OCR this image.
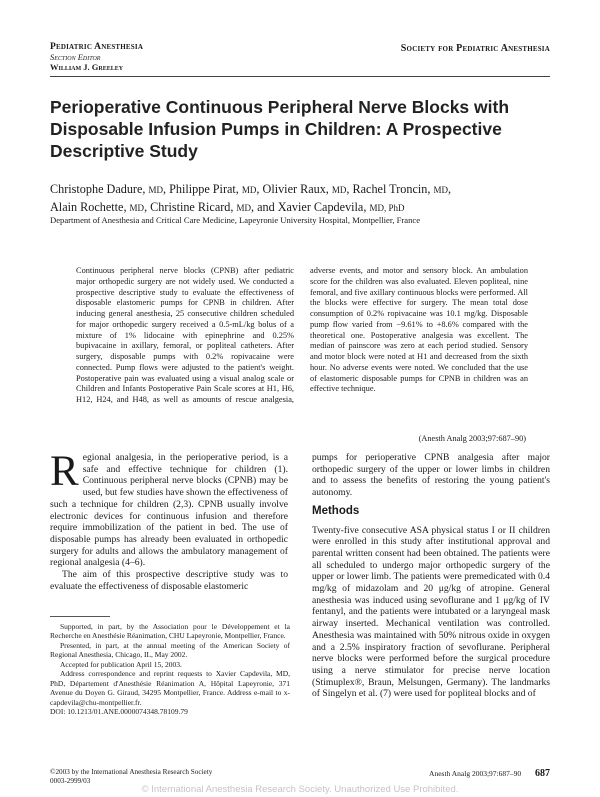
Pediatric Anesthesia
Section Editor
William J. Greeley
Society for Pediatric Anesthesia
Perioperative Continuous Peripheral Nerve Blocks with Disposable Infusion Pumps in Children: A Prospective Descriptive Study
Christophe Dadure, MD, Philippe Pirat, MD, Olivier Raux, MD, Rachel Troncin, MD,
Alain Rochette, MD, Christine Ricard, MD, and Xavier Capdevila, MD, PhD
Department of Anesthesia and Critical Care Medicine, Lapeyronie University Hospital, Montpellier, France

Continuous peripheral nerve blocks (CPNB) after pediatric major orthopedic surgery are not widely used. We conducted a prospective descriptive study to evaluate the effectiveness of disposable elastomeric pumps for CPNB in children. After inducing general anesthesia, 25 consecutive children scheduled for major orthopedic surgery received a 0.5-mL/kg bolus of a mixture of 1% lidocaine with epinephrine and 0.25% bupivacaine in axillary, femoral, or popliteal catheters. After surgery, disposable pumps with 0.2% ropivacaine were connected. Pump flows were adjusted to the patient's weight. Postoperative pain was evaluated using a visual analog scale or Children and Infants Postoperative Pain Scale scores at H1, H6, H12, H24, and H48, as well as amounts of rescue analgesia, adverse events, and motor and sensory block. An ambulation score for the children was also evaluated. Eleven popliteal, nine femoral, and five axillary continuous blocks were performed. All the blocks were effective for surgery. The mean total dose consumption of 0.2% ropivacaine was 10.1 mg/kg. Disposable pump flow varied from −9.61% to +8.6% compared with the theoretical one. Postoperative analgesia was excellent. The median of painscore was zero at each period studied. Sensory and motor block were noted at H1 and decreased from the sixth hour. No adverse events were noted. We concluded that the use of elastomeric disposable pumps for CPNB in children was an effective technique.

(Anesth Analg 2003;97:687–90)

Regional analgesia, in the perioperative period, is a safe and effective technique for children (1). Continuous peripheral nerve blocks (CPNB) may be used, but few studies have shown the effectiveness of such a technique for children (2,3). CPNB usually involve electronic devices for continuous infusion and therefore require immobilization of the patient in bed. The use of disposable pumps has already been evaluated in orthopedic surgery for adults and allows the ambulatory management of regional analgesia (4–6).

The aim of this prospective descriptive study was to evaluate the effectiveness of disposable elastomeric

Supported, in part, by the Association pour le Développement et la Recherche en Anesthésie Réanimation, CHU Lapeyronie, Montpellier, France.

Presented, in part, at the annual meeting of the American Society of Regional Anesthesia, Chicago, IL, May 2002.

Accepted for publication April 15, 2003.

Address correspondence and reprint requests to Xavier Capdevila, MD, PhD, Département d'Anesthésie Réanimation A, Hôpital Lapeyronie, 371 Avenue du Doyen G. Giraud, 34295 Montpellier, France. Address e-mail to x-capdevila@chu-montpellier.fr.

DOI: 10.1213/01.ANE.0000074348.78109.79

pumps for perioperative CPNB analgesia after major orthopedic surgery of the upper or lower limbs in children and to assess the benefits of restoring the young patient's autonomy.

Methods

Twenty-five consecutive ASA physical status I or II children were enrolled in this study after institutional approval and parental written consent had been obtained. The patients were all scheduled to undergo major orthopedic surgery of the upper or lower limb. The patients were premedicated with 0.4 mg/kg of midazolam and 20 μg/kg of atropine. General anesthesia was induced using sevoflurane and 1 μg/kg of IV fentanyl, and the patients were intubated or a laryngeal mask airway inserted. Mechanical ventilation was controlled. Anesthesia was maintained with 50% nitrous oxide in oxygen and a 2.5% inspiratory fraction of sevoflurane. Peripheral nerve blocks were performed before the surgical procedure using a nerve stimulator for precise nerve location (Stimuplex®, Braun, Melsungen, Germany). The landmarks of Singelyn et al. (7) were used for popliteal blocks and of

©2003 by the International Anesthesia Research Society
0003-2999/03
Anesth Analg 2003;97:687–90 687
© International Anesthesia Research Society. Unauthorized Use Prohibited.
